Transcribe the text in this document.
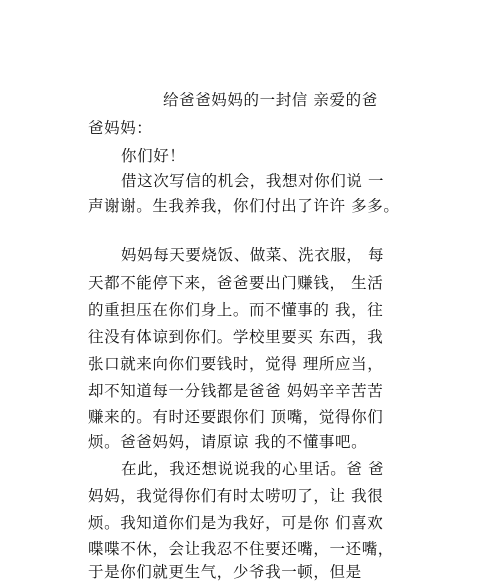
给爸爸妈妈的一封信 亲爱的爸
爸妈妈：
你们好！
借这次写信的机会，我想对你们说 一
声谢谢。生我养我，你们付出了许许 多多。
妈妈每天要烧饭、做菜、洗衣服， 每
天都不能停下来，爸爸要出门赚钱， 生活
的重担压在你们身上。而不懂事的 我，往
往没有体谅到你们。学校里要买 东西，我
张口就来向你们要钱时，觉得 理所应当，
却不知道每一分钱都是爸爸 妈妈辛辛苦苦
赚来的。有时还要跟你们 顶嘴，觉得你们
烦。爸爸妈妈，请原谅 我的不懂事吧。
在此，我还想说说我的心里话。爸 爸
妈妈，我觉得你们有时太唠叨了，让 我很
烦。我知道你们是为我好，可是你 们喜欢
喋喋不休，会让我忍不住要还嘴，一还嘴，
于是你们就更生气，少爷我一顿，但是
